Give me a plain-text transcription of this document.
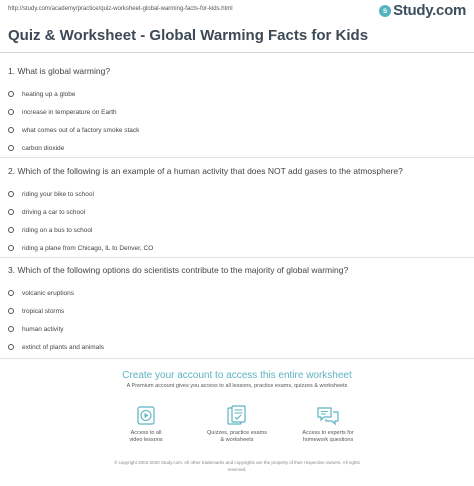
http://study.com/academy/practice/quiz-worksheet-global-warming-facts-for-kids.html	s Study.com
Quiz & Worksheet - Global Warming Facts for Kids
1. What is global warming?
heating up a globe
increase in temperature on Earth
what comes out of a factory smoke stack
carbon dioxide
2. Which of the following is an example of a human activity that does NOT add gases to the atmosphere?
riding your bike to school
driving a car to school
riding on a bus to school
riding a plane from Chicago, IL to Denver, CO
3. Which of the following options do scientists contribute to the majority of global warming?
volcanic eruptions
tropical storms
human activity
extinct of plants and animals
Create your account to access this entire worksheet
A Premium account gives you access to all lessons, practice exams, quizzes & worksheets
Access to all
video lessons
Quizzes, practice exams
& worksheets
Access to experts for
homework questions
© copyright 2003-2020 Study.com. All other trademarks and copyrights are the property of their respective owners. All rights
reserved.
